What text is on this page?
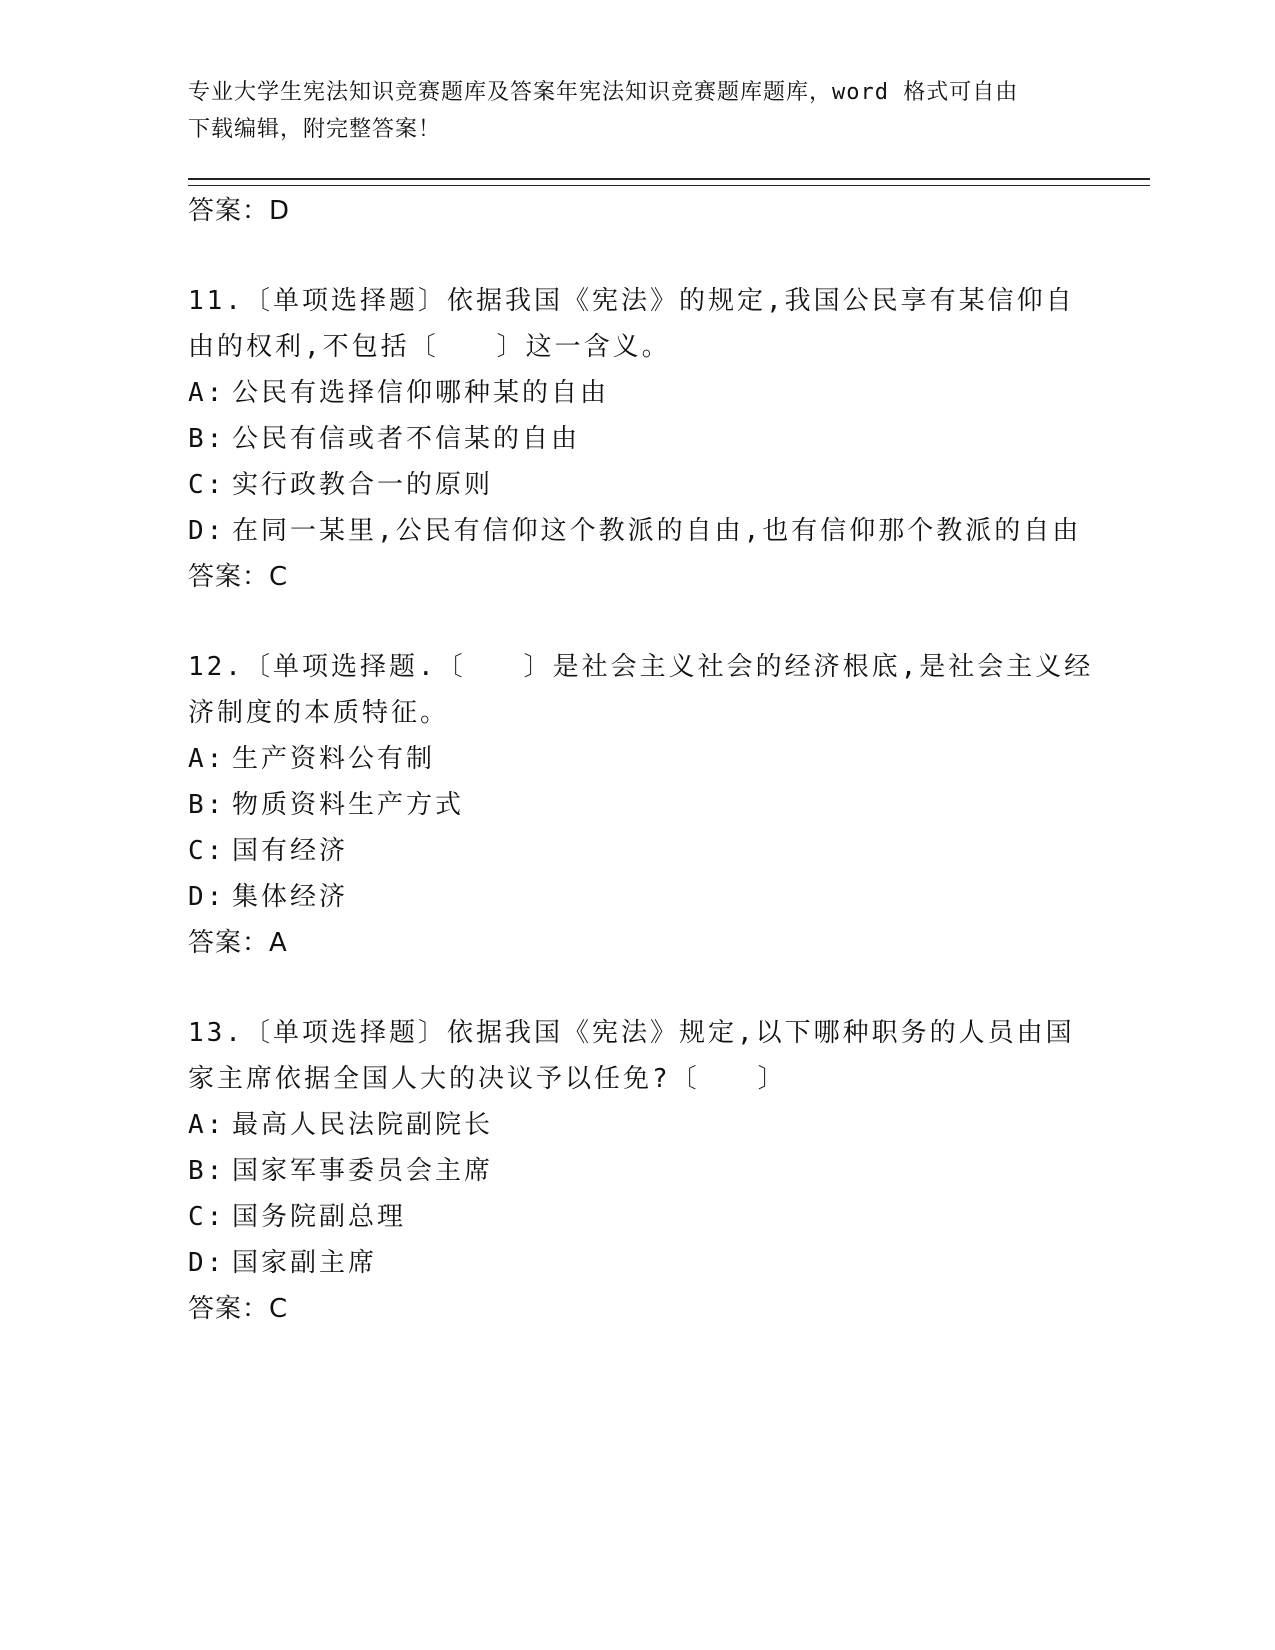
专业大学生宪法知识竞赛题库及答案年宪法知识竞赛题库题库，word 格式可自由
下载编辑，附完整答案！
答案：D
11.〔单项选择题〕依据我国《宪法》的规定,我国公民享有某信仰自
由的权利,不包括〔　　〕这一含义。
A: 公民有选择信仰哪种某的自由
B: 公民有信或者不信某的自由
C: 实行政教合一的原则
D: 在同一某里,公民有信仰这个教派的自由,也有信仰那个教派的自由
答案：C
12.〔单项选择题.〔　　〕是社会主义社会的经济根底,是社会主义经
济制度的本质特征。
A: 生产资料公有制
B: 物质资料生产方式
C: 国有经济
D: 集体经济
答案：A
13.〔单项选择题〕依据我国《宪法》规定,以下哪种职务的人员由国
家主席依据全国人大的决议予以任免?〔　　〕
A: 最高人民法院副院长
B: 国家军事委员会主席
C: 国务院副总理
D: 国家副主席
答案：C
